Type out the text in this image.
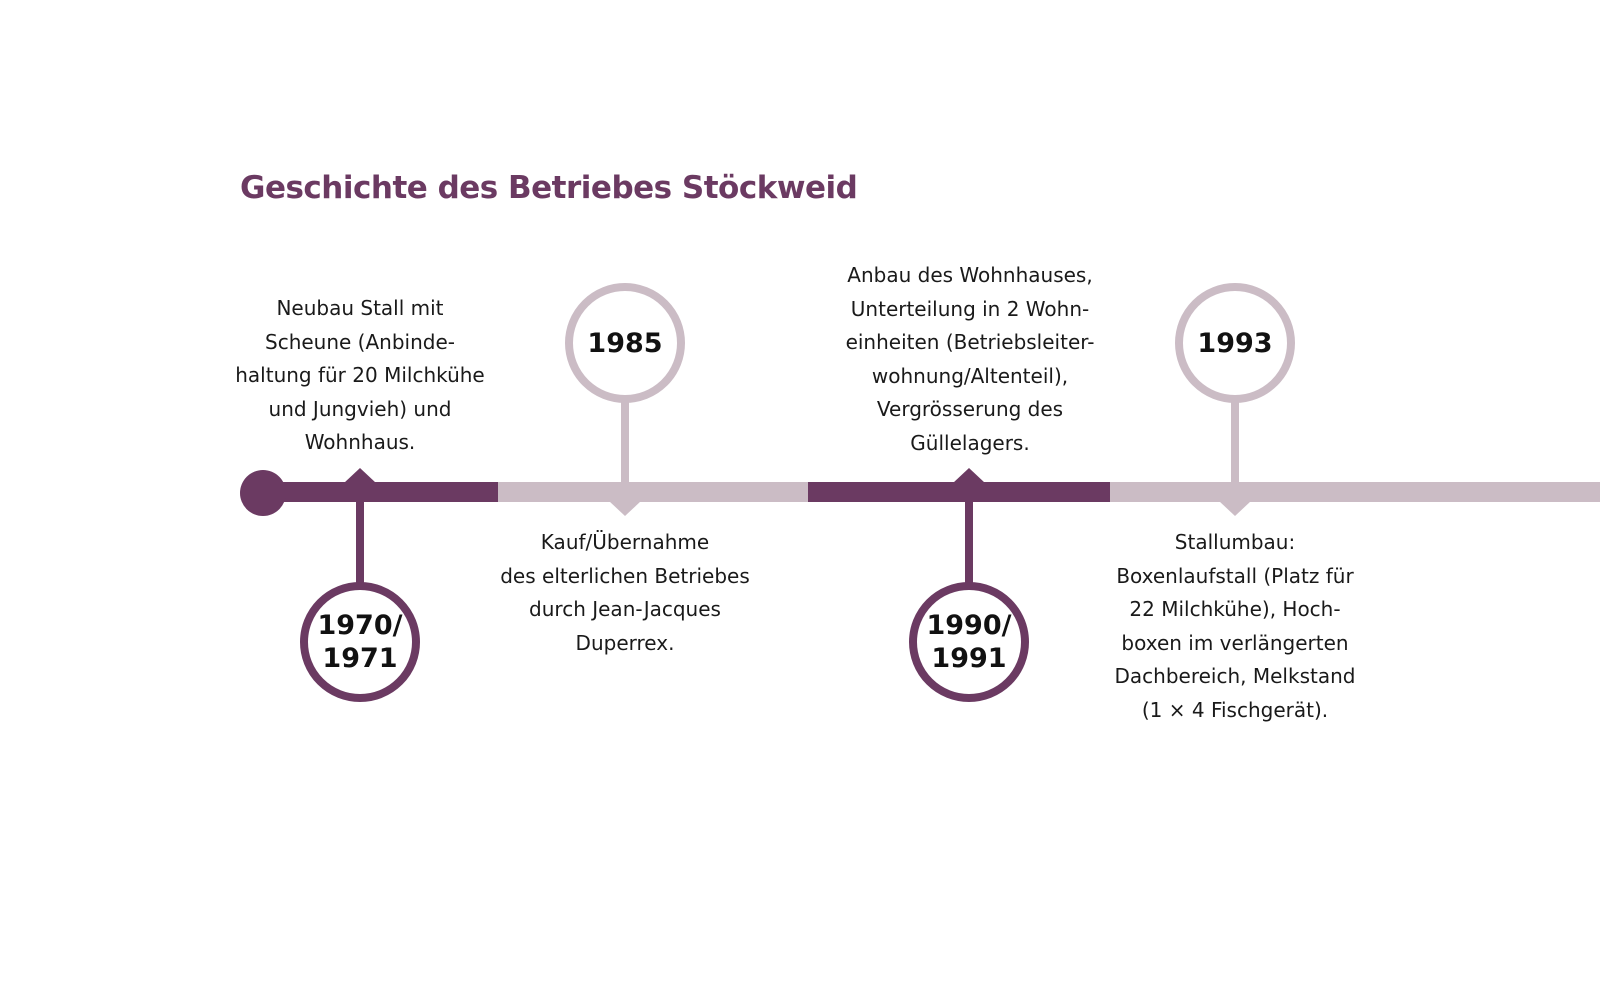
Geschichte des Betriebes Stöckweid
Neubau Stall mit
Scheune (Anbinde-
haltung für 20 Milchkühe
und Jungvieh) und
Wohnhaus.
1970/
1971
1985
Kauf/Übernahme
des elterlichen Betriebes
durch Jean-Jacques
Duperrex.
Anbau des Wohnhauses,
Unterteilung in 2 Wohn-
einheiten (Betriebsleiter-
wohnung/Altenteil),
Vergrösserung des
Güllelagers.
1990/
1991
1993
Stallumbau:
Boxenlaufstall (Platz für
22 Milchkühe), Hoch-
boxen im verlängerten
Dachbereich, Melkstand
(1 × 4 Fischgerät).
